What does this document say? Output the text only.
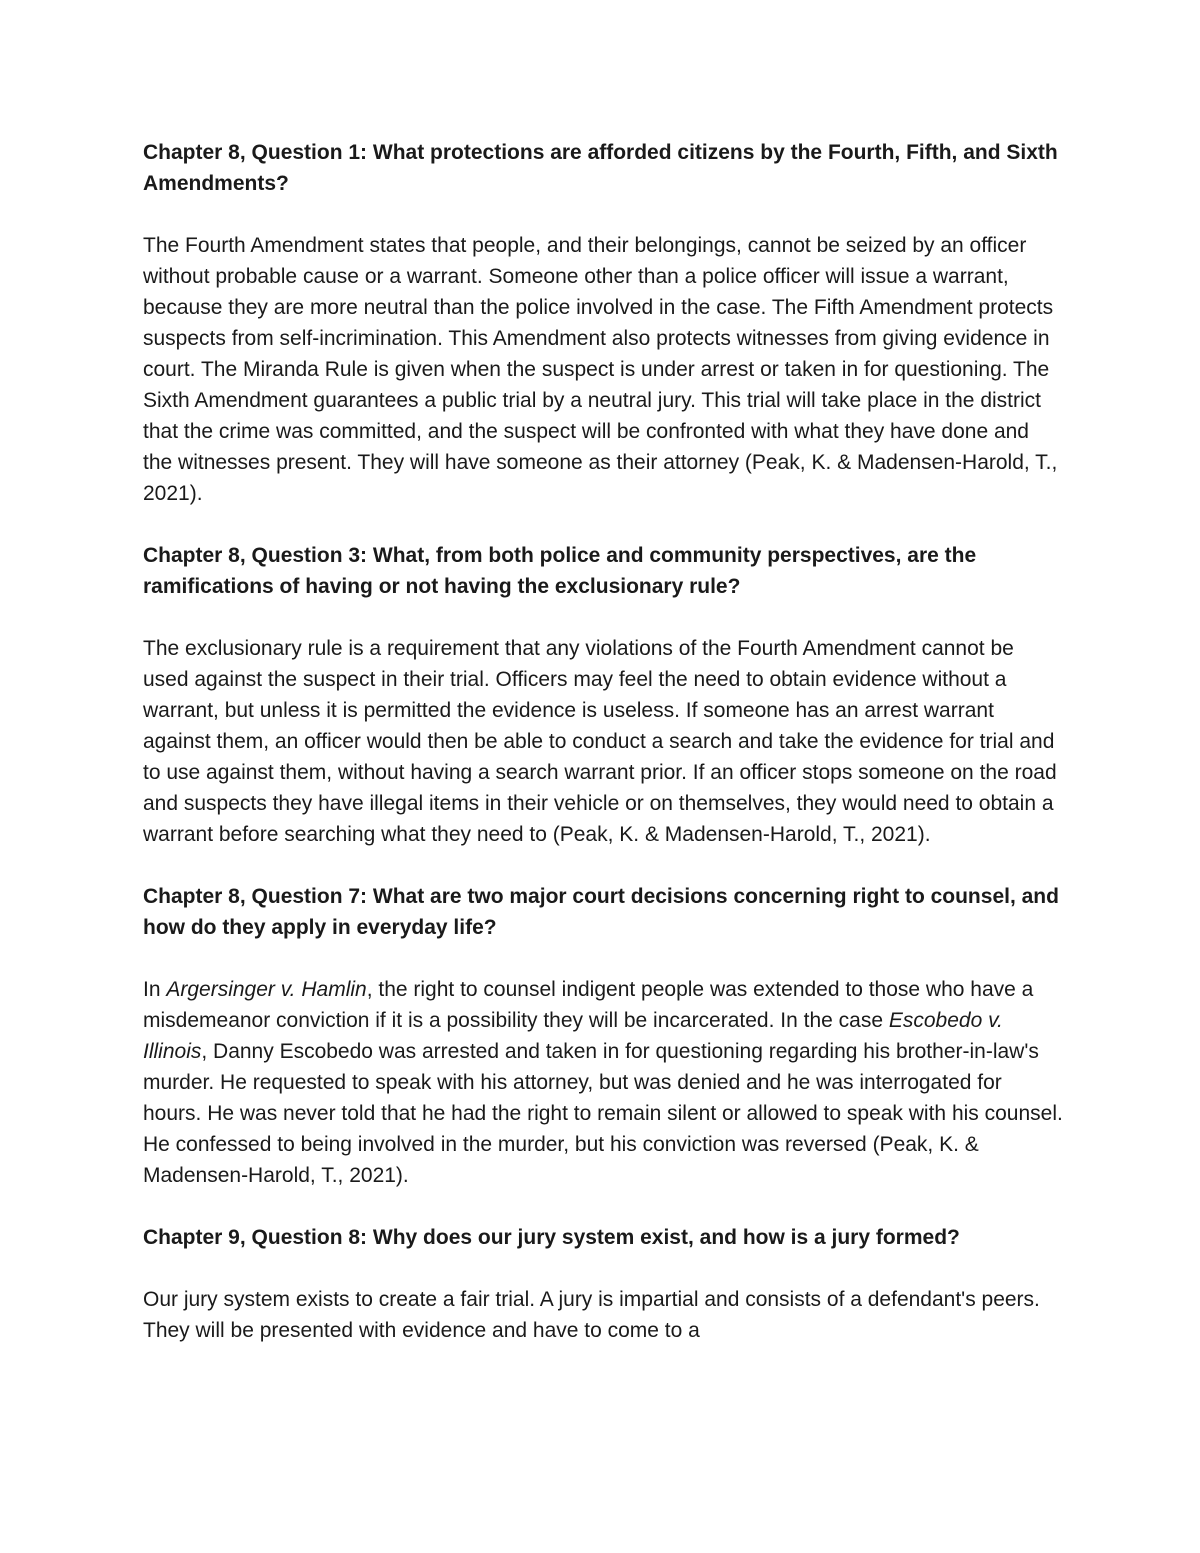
Chapter 8, Question 1: What protections are afforded citizens by the Fourth, Fifth, and Sixth Amendments?

The Fourth Amendment states that people, and their belongings, cannot be seized by an officer without probable cause or a warrant. Someone other than a police officer will issue a warrant, because they are more neutral than the police involved in the case. The Fifth Amendment protects suspects from self-incrimination. This Amendment also protects witnesses from giving evidence in court. The Miranda Rule is given when the suspect is under arrest or taken in for questioning. The Sixth Amendment guarantees a public trial by a neutral jury. This trial will take place in the district that the crime was committed, and the suspect will be confronted with what they have done and the witnesses present. They will have someone as their attorney (Peak, K. & Madensen-Harold, T., 2021).

Chapter 8, Question 3: What, from both police and community perspectives, are the ramifications of having or not having the exclusionary rule?

The exclusionary rule is a requirement that any violations of the Fourth Amendment cannot be used against the suspect in their trial. Officers may feel the need to obtain evidence without a warrant, but unless it is permitted the evidence is useless. If someone has an arrest warrant against them, an officer would then be able to conduct a search and take the evidence for trial and to use against them, without having a search warrant prior. If an officer stops someone on the road and suspects they have illegal items in their vehicle or on themselves, they would need to obtain a warrant before searching what they need to (Peak, K. & Madensen-Harold, T., 2021).

Chapter 8, Question 7: What are two major court decisions concerning right to counsel, and how do they apply in everyday life?

In Argersinger v. Hamlin, the right to counsel indigent people was extended to those who have a misdemeanor conviction if it is a possibility they will be incarcerated. In the case Escobedo v. Illinois, Danny Escobedo was arrested and taken in for questioning regarding his brother-in-law's murder. He requested to speak with his attorney, but was denied and he was interrogated for hours. He was never told that he had the right to remain silent or allowed to speak with his counsel. He confessed to being involved in the murder, but his conviction was reversed (Peak, K. & Madensen-Harold, T., 2021).

Chapter 9, Question 8: Why does our jury system exist, and how is a jury formed?

Our jury system exists to create a fair trial. A jury is impartial and consists of a defendant's peers. They will be presented with evidence and have to come to a
